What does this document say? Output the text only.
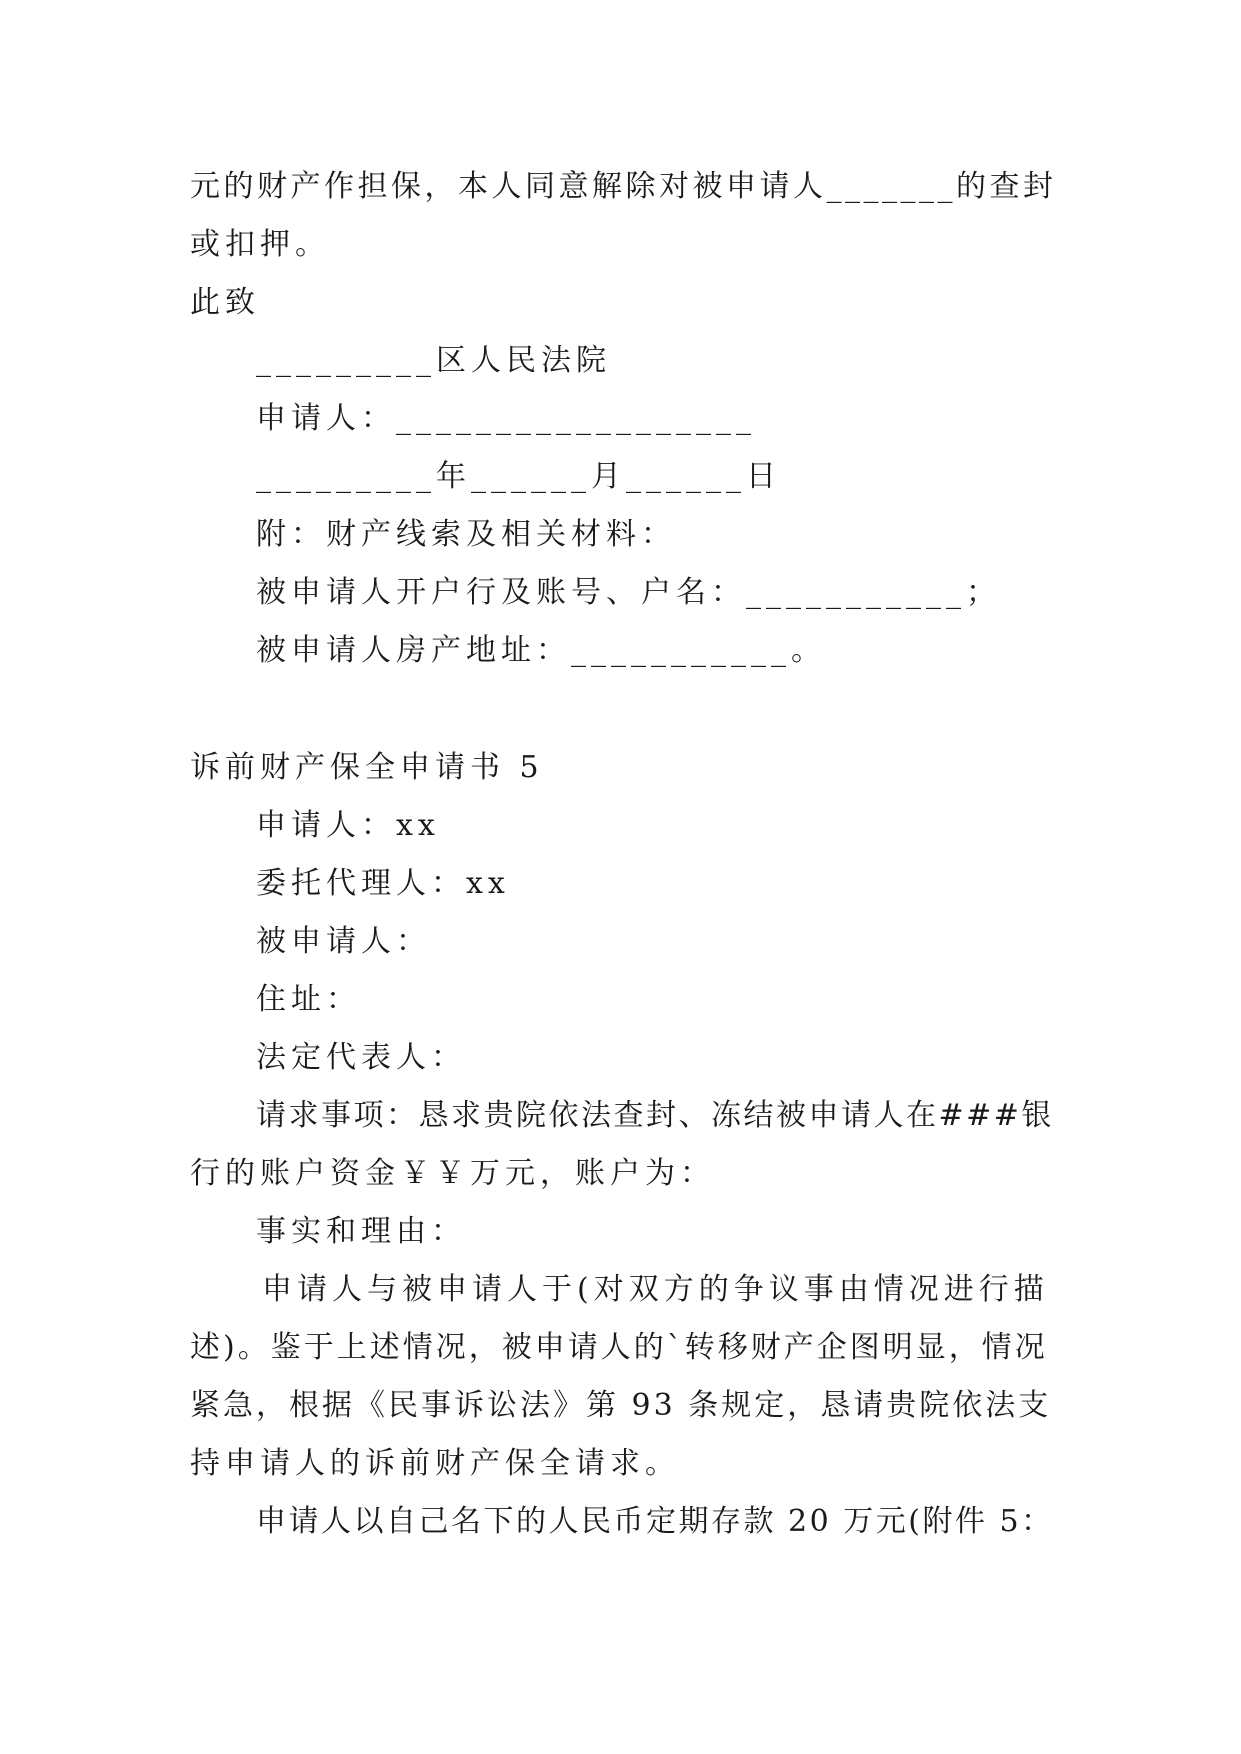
元的财产作担保，本人同意解除对被申请人_______的查封
或扣押。
此致
_________区人民法院
申请人：__________________
_________年______月______日
附：财产线索及相关材料：
被申请人开户行及账号、户名：___________；
被申请人房产地址：___________。
诉前财产保全申请书 5
申请人：xx
委托代理人：xx
被申请人：
住址：
法定代表人：
请求事项：恳求贵院依法查封、冻结被申请人在###银
行的账户资金￥￥万元，账户为：
事实和理由：
申请人与被申请人于(对双方的争议事由情况进行描
述)。鉴于上述情况，被申请人的`转移财产企图明显，情况
紧急，根据《民事诉讼法》第 93 条规定，恳请贵院依法支
持申请人的诉前财产保全请求。
申请人以自己名下的人民币定期存款 20 万元(附件 5：
